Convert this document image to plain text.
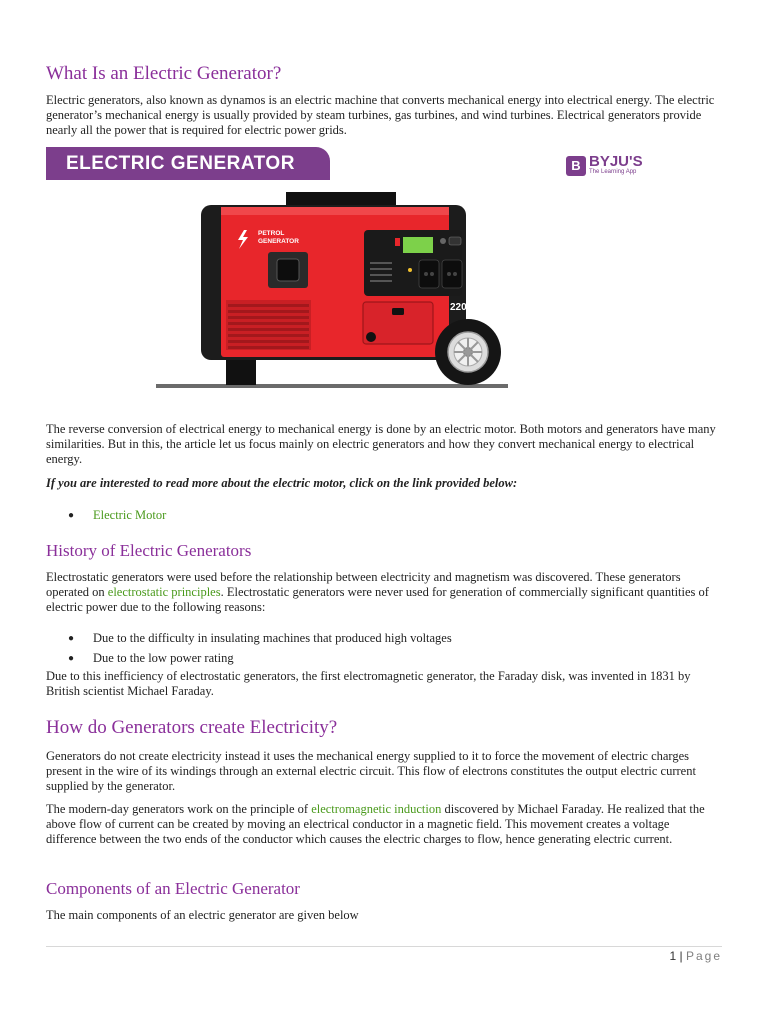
What Is an Electric Generator?

Electric generators, also known as dynamos is an electric machine that converts mechanical energy into electrical energy. The electric generator’s mechanical energy is usually provided by steam turbines, gas turbines, and wind turbines. Electrical generators provide nearly all the power that is required for electric power grids.

ELECTRIC GENERATOR	B BYJU'S
The Learning App
PETROL
GENERATOR
220V

The reverse conversion of electrical energy to mechanical energy is done by an electric motor. Both motors and generators have many similarities. But in this, the article let us focus mainly on electric generators and how they convert mechanical energy to electrical energy.

If you are interested to read more about the electric motor, click on the link provided below:

● Electric Motor
History of Electric Generators

Electrostatic generators were used before the relationship between electricity and magnetism was discovered. These generators operated on electrostatic principles. Electrostatic generators were never used for generation of commercially significant quantities of electric power due to the following reasons:

● Due to the difficulty in insulating machines that produced high voltages
● Due to the low power rating

Due to this inefficiency of electrostatic generators, the first electromagnetic generator, the Faraday disk, was invented in 1831 by British scientist Michael Faraday.

How do Generators create Electricity?

Generators do not create electricity instead it uses the mechanical energy supplied to it to force the movement of electric charges present in the wire of its windings through an external electric circuit. This flow of electrons constitutes the output electric current supplied by the generator.

The modern-day generators work on the principle of electromagnetic induction discovered by Michael Faraday. He realized that the above flow of current can be created by moving an electrical conductor in a magnetic field. This movement creates a voltage difference between the two ends of the conductor which causes the electric charges to flow, hence generating electric current.

Components of an Electric Generator

The main components of an electric generator are given below

1 | Page
